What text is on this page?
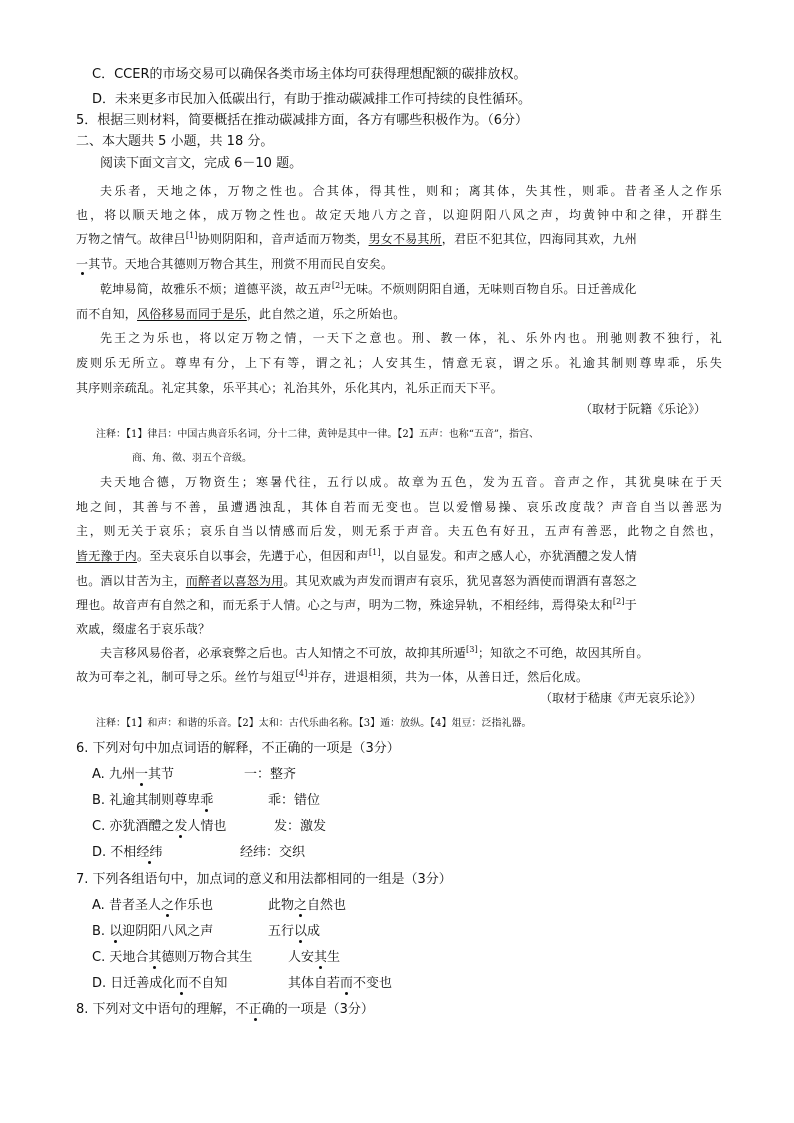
C．CCER的市场交易可以确保各类市场主体均可获得理想配额的碳排放权。
D．未来更多市民加入低碳出行，有助于推动碳减排工作可持续的良性循环。
5．根据三则材料，简要概括在推动碳减排方面，各方有哪些积极作为。（6分）
二、本大题共 5 小题，共 18 分。
阅读下面文言文，完成 6－10 题。
夫乐者，天地之体，万物之性也。合其体，得其性，则和；离其体，失其性，则乖。昔者圣人之作乐
也，将以顺天地之体，成万物之性也。故定天地八方之音，以迎阴阳八风之声，均黄钟中和之律，开群生
万物之情气。故律吕[1]协则阴阳和，音声适而万物类，男女不易其所，君臣不犯其位，四海同其欢，九州
一其节。天地合其德则万物合其生，刑赏不用而民自安矣。
乾坤易简，故雅乐不烦；道德平淡，故五声[2]无味。不烦则阴阳自通，无味则百物自乐。日迁善成化
而不自知，风俗移易而同于是乐，此自然之道，乐之所始也。
先王之为乐也，将以定万物之情，一天下之意也。刑、教一体，礼、乐外内也。刑驰则教不独行，礼
废则乐无所立。尊卑有分，上下有等，谓之礼；人安其生，情意无哀，谓之乐。礼逾其制则尊卑乖，乐失
其序则亲疏乱。礼定其象，乐平其心；礼治其外，乐化其内，礼乐正而天下平。
（取材于阮籍《乐论》）
注释：【1】律吕：中国古典音乐名词，分十二律，黄钟是其中一律。【2】五声：也称“五音”，指宫、
商、角、徵、羽五个音级。
夫天地合德，万物资生；寒暑代往，五行以成。故章为五色，发为五音。音声之作，其犹臭味在于天
地之间，其善与不善，虽遭遇浊乱，其体自若而无变也。岂以爱憎易操、哀乐改度哉？声音自当以善恶为
主，则无关于哀乐；哀乐自当以情感而后发，则无系于声音。夫五色有好丑，五声有善恶，此物之自然也，
皆无豫于内。至夫哀乐自以事会，先遘于心，但因和声[1]，以自显发。和声之感人心，亦犹酒醴之发人情
也。酒以甘苦为主，而醉者以喜怒为用。其见欢戚为声发而谓声有哀乐，犹见喜怒为酒使而谓酒有喜怒之
理也。故音声有自然之和，而无系于人情。心之与声，明为二物，殊途异轨，不相经纬，焉得染太和[2]于
欢戚，缀虚名于哀乐哉？
夫言移风易俗者，必承衰弊之后也。古人知情之不可放，故抑其所遁[3]；知欲之不可绝，故因其所自。
故为可奉之礼，制可导之乐。丝竹与俎豆[4]并存，进退相须，共为一体，从善日迁，然后化成。
（取材于嵇康《声无哀乐论》）
注释：【1】和声：和谐的乐音。【2】太和：古代乐曲名称。【3】遁：放纵。【4】俎豆：泛指礼器。
6. 下列对句中加点词语的解释，不正确的一项是（3分）
A. 九州一其节	一：整齐
B. 礼逾其制则尊卑乖	乖：错位
C. 亦犹酒醴之发人情也	发：激发
D. 不相经纬	经纬：交织
7. 下列各组语句中，加点词的意义和用法都相同的一组是（3分）
A. 昔者圣人之作乐也	此物之自然也
B. 以迎阴阳八风之声	五行以成
C. 天地合其德则万物合其生	人安其生
D. 日迁善成化而不自知	其体自若而不变也
8. 下列对文中语句的理解，不正确的一项是（3分）
